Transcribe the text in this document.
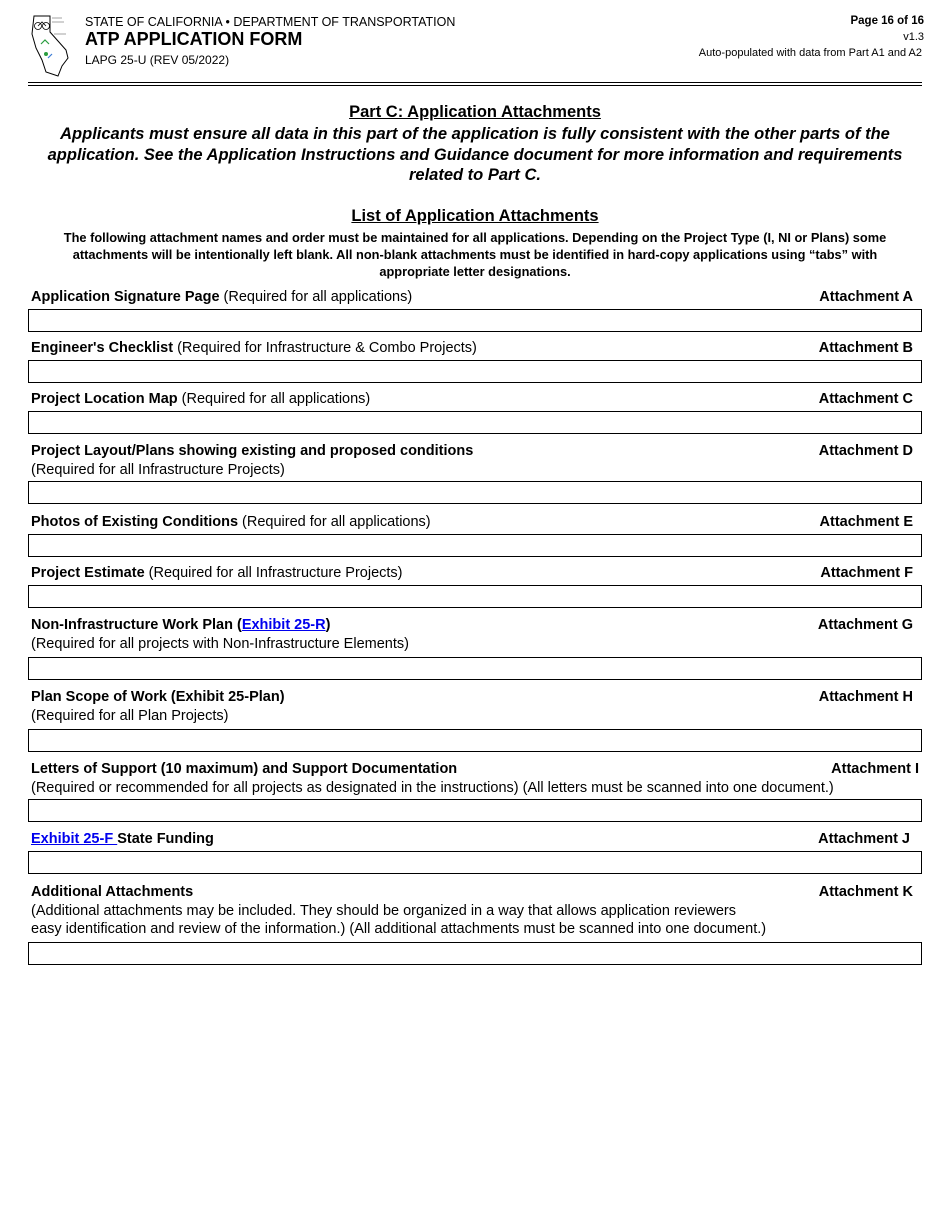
STATE OF CALIFORNIA • DEPARTMENT OF TRANSPORTATION
ATP APPLICATION FORM
LAPG 25-U (REV 05/2022)
Page 16 of 16
v1.3
Auto-populated with data from Part A1 and A2
Part C: Application Attachments
Applicants must ensure all data in this part of the application is fully consistent with the other parts of the application. See the Application Instructions and Guidance document for more information and requirements related to Part C.
List of Application Attachments
The following attachment names and order must be maintained for all applications. Depending on the Project Type (I, NI or Plans) some attachments will be intentionally left blank. All non-blank attachments must be identified in hard-copy applications using “tabs” with appropriate letter designations.
Application Signature Page (Required for all applications)	Attachment A
Engineer's Checklist (Required for Infrastructure & Combo Projects)	Attachment B
Project Location Map (Required for all applications)	Attachment C
Project Layout/Plans showing existing and proposed conditions
(Required for all Infrastructure Projects)
Attachment D
Photos of Existing Conditions (Required for all applications)	Attachment E
Project Estimate (Required for all Infrastructure Projects)	Attachment F
Non-Infrastructure Work Plan (Exhibit 25-R)
(Required for all projects with Non-Infrastructure Elements)
Attachment G
Plan Scope of Work (Exhibit 25-Plan)
(Required for all Plan Projects)
Attachment H
Letters of Support (10 maximum) and Support Documentation
(Required or recommended for all projects as designated in the instructions) (All letters must be scanned into one document.)
Attachment I
Exhibit 25-F State Funding	Attachment J
Additional Attachments
(Additional attachments may be included. They should be organized in a way that allows application reviewers
easy identification and review of the information.) (All additional attachments must be scanned into one document.)
Attachment K
